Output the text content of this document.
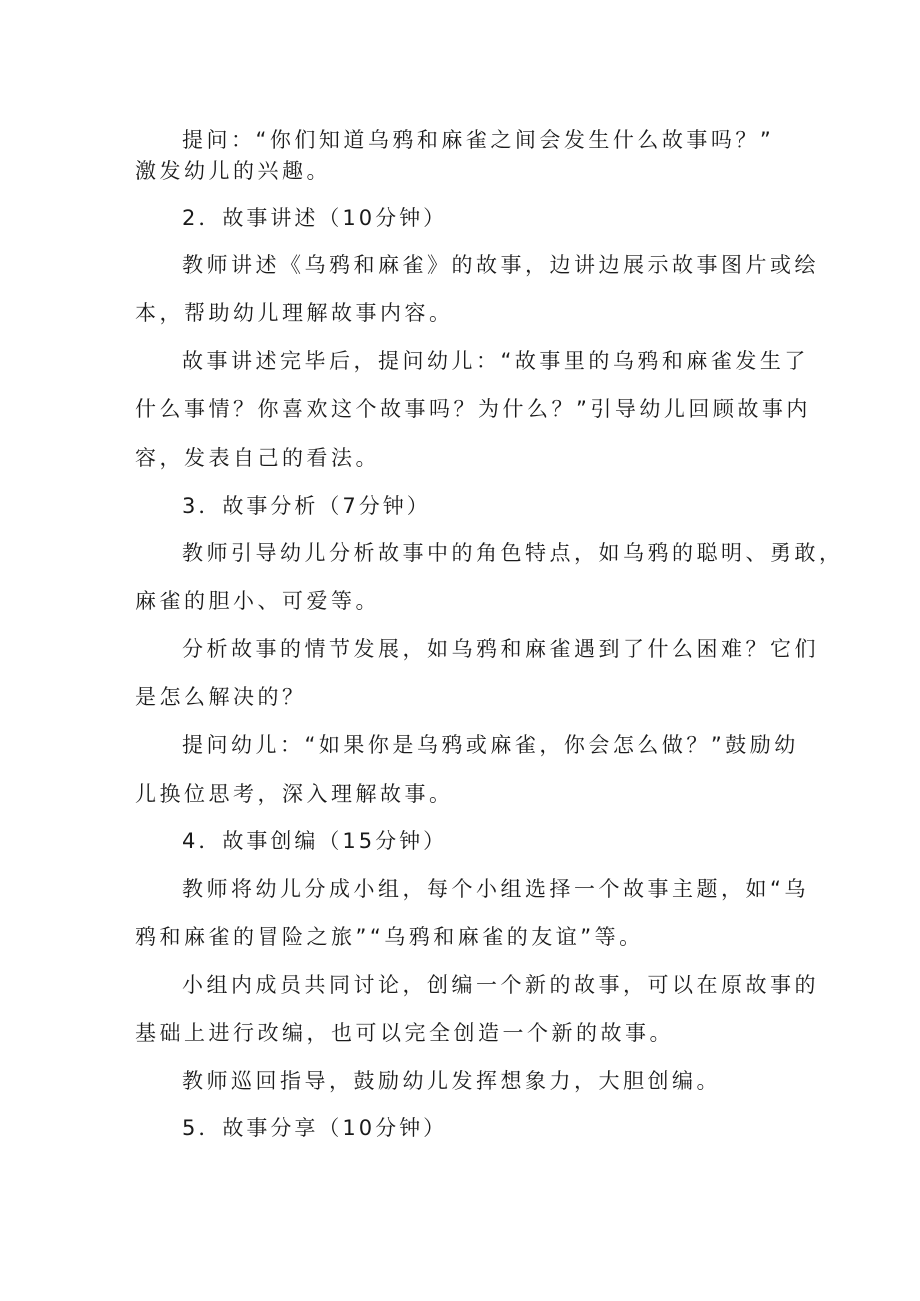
提问：“你们知道乌鸦和麻雀之间会发生什么故事吗？”
激发幼儿的兴趣。
2．故事讲述（10分钟）
教师讲述《乌鸦和麻雀》的故事，边讲边展示故事图片或绘
本，帮助幼儿理解故事内容。
故事讲述完毕后，提问幼儿：“故事里的乌鸦和麻雀发生了
什么事情？你喜欢这个故事吗？为什么？”引导幼儿回顾故事内
容，发表自己的看法。
3．故事分析（7分钟）
教师引导幼儿分析故事中的角色特点，如乌鸦的聪明、勇敢，
麻雀的胆小、可爱等。
分析故事的情节发展，如乌鸦和麻雀遇到了什么困难？它们
是怎么解决的？
提问幼儿：“如果你是乌鸦或麻雀，你会怎么做？”鼓励幼
儿换位思考，深入理解故事。
4．故事创编（15分钟）
教师将幼儿分成小组，每个小组选择一个故事主题，如“乌
鸦和麻雀的冒险之旅”“乌鸦和麻雀的友谊”等。
小组内成员共同讨论，创编一个新的故事，可以在原故事的
基础上进行改编，也可以完全创造一个新的故事。
教师巡回指导，鼓励幼儿发挥想象力，大胆创编。
5．故事分享（10分钟）
